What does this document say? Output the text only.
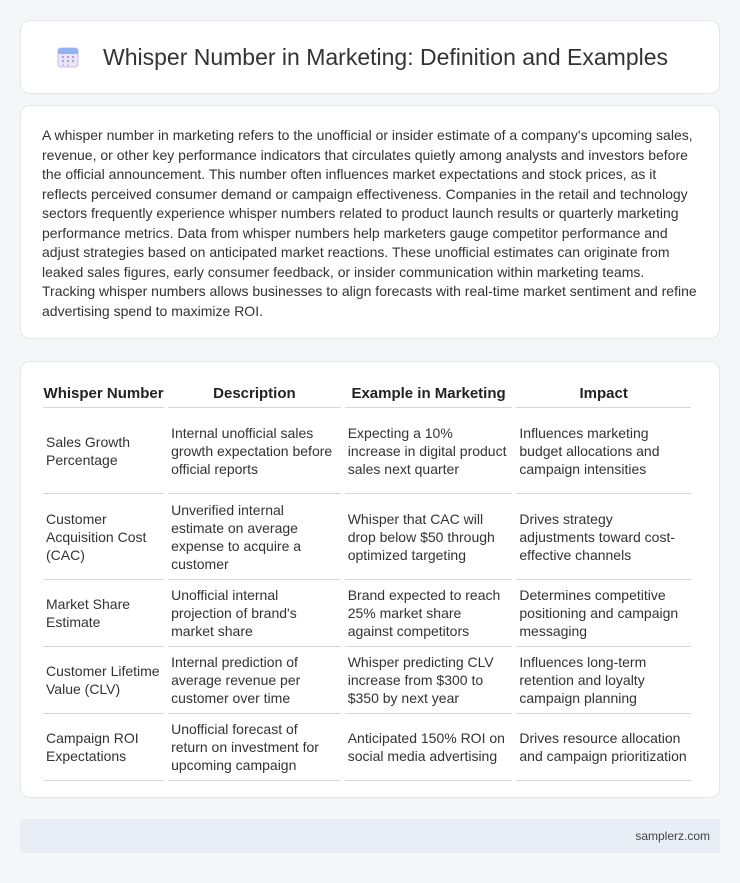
Whisper Number in Marketing: Definition and Examples

A whisper number in marketing refers to the unofficial or insider estimate of a company's upcoming sales, revenue, or other key performance indicators that circulates quietly among analysts and investors before the official announcement. This number often influences market expectations and stock prices, as it reflects perceived consumer demand or campaign effectiveness. Companies in the retail and technology sectors frequently experience whisper numbers related to product launch results or quarterly marketing performance metrics. Data from whisper numbers help marketers gauge competitor performance and adjust strategies based on anticipated market reactions. These unofficial estimates can originate from leaked sales figures, early consumer feedback, or insider communication within marketing teams. Tracking whisper numbers allows businesses to align forecasts with real-time market sentiment and refine advertising spend to maximize ROI.

Whisper Number	Description	Example in Marketing	Impact
Sales Growth Percentage	Internal unofficial sales growth expectation before official reports	Expecting a 10% increase in digital product sales next quarter	Influences marketing budget allocations and campaign intensities
Customer Acquisition Cost (CAC)	Unverified internal estimate on average expense to acquire a customer	Whisper that CAC will drop below $50 through optimized targeting	Drives strategy adjustments toward cost-effective channels
Market Share Estimate	Unofficial internal projection of brand's market share	Brand expected to reach 25% market share against competitors	Determines competitive positioning and campaign messaging
Customer Lifetime Value (CLV)	Internal prediction of average revenue per customer over time	Whisper predicting CLV increase from $300 to $350 by next year	Influences long-term retention and loyalty campaign planning
Campaign ROI Expectations	Unofficial forecast of return on investment for upcoming campaign	Anticipated 150% ROI on social media advertising	Drives resource allocation and campaign prioritization
samplerz.com
